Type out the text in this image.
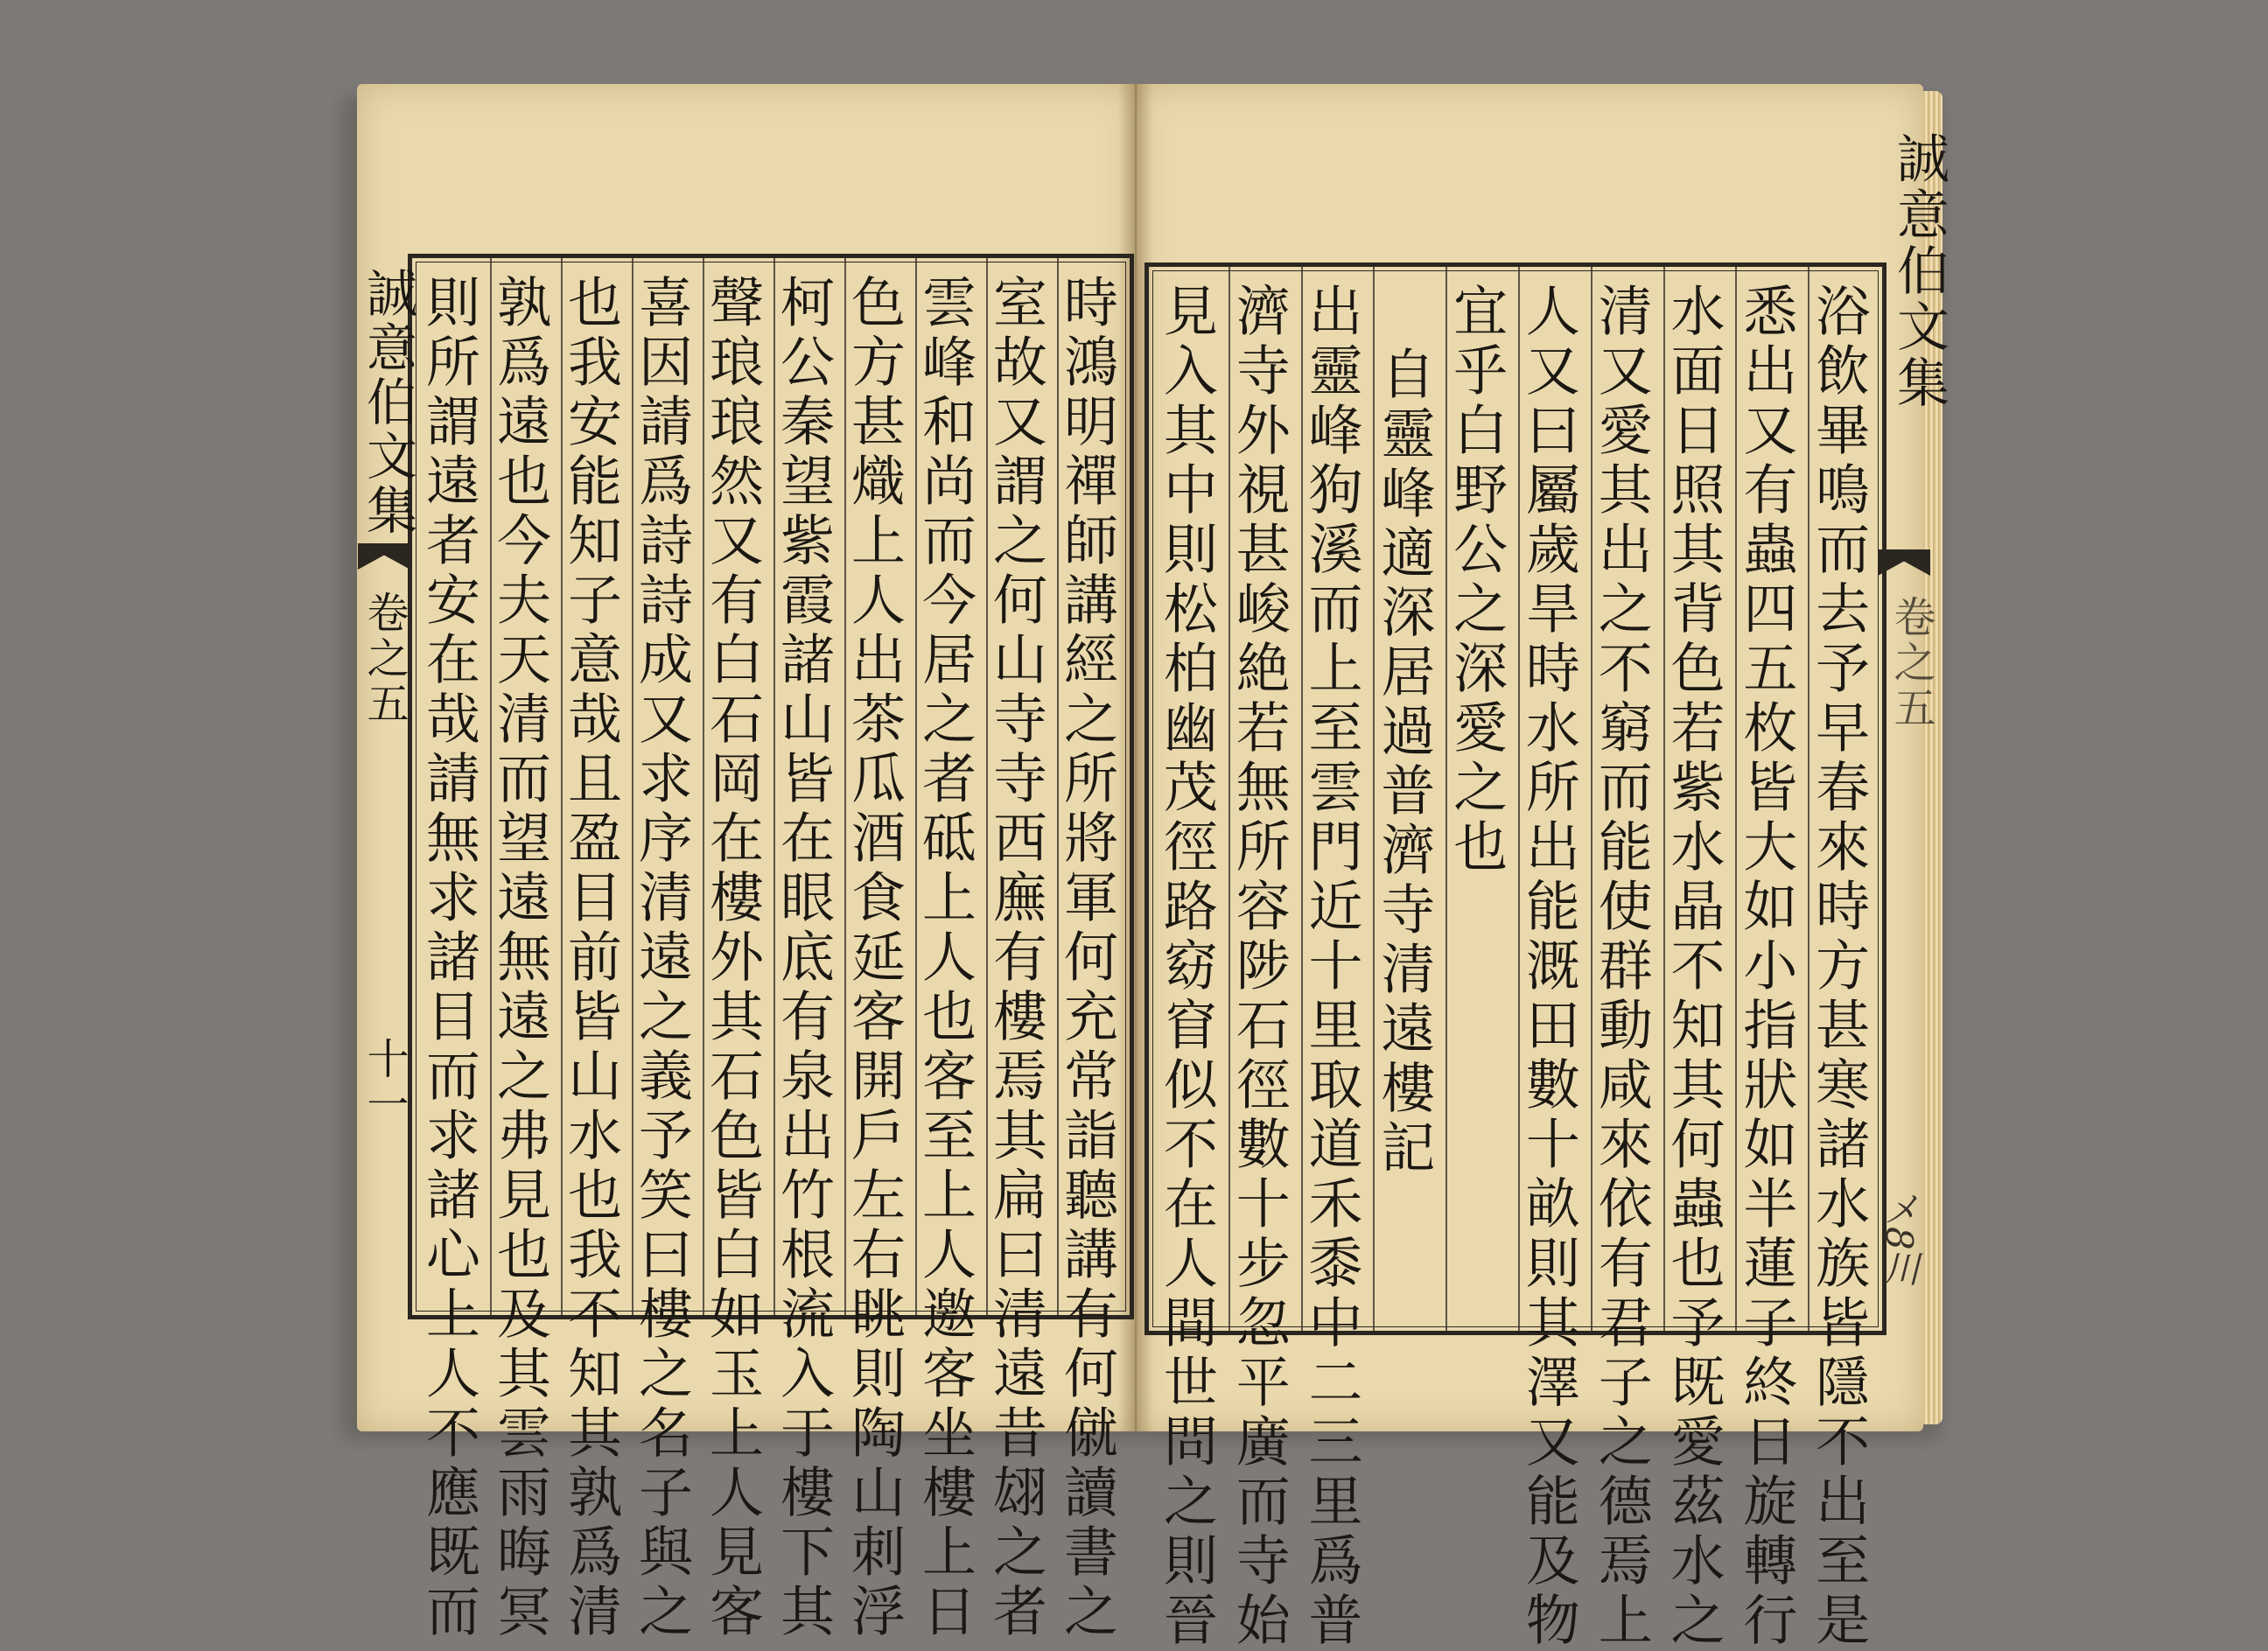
時鴻明禪師講經之所將軍何充常詣聽講有何僦讀書之
室故又謂之何山寺寺西廡有樓焉其扁曰清遠昔翃之者
雲峰和尚而今居之者砥上人也客至上人邀客坐樓上日
色方甚熾上人出茶瓜酒食延客開戶左右眺則陶山刺浮
柯公秦望紫霞諸山皆在眼底有泉出竹根流入于樓下其
聲琅琅然又有白石岡在樓外其石色皆白如玉上人見客
喜因請爲詩詩成又求序清遠之義予笑曰樓之名子與之
也我安能知子意哉且盈目前皆山水也我不知其孰爲清
孰爲遠也今夫天清而望遠無遠之弗見也及其雲雨晦冥
則所謂遠者安在哉請無求諸目而求諸心上人不應既而
誠意伯文集
卷之五
十一	浴飲畢鳴而去予早春來時方甚寒諸水族皆隱不出至是
悉出又有蟲四五枚皆大如小指狀如半蓮子終日旋轉行
水面日照其背色若紫水晶不知其何蟲也予既愛茲水之
清又愛其出之不窮而能使群動咸來依有君子之德焉上
人又曰屬歲旱時水所出能溉田數十畝則其澤又能及物
宜乎白野公之深愛之也
自靈峰適深居過普濟寺清遠樓記
出靈峰狗溪而上至雲門近十里取道禾黍中二三里爲普
濟寺外視甚峻絶若無所容陟石徑數十步忽平廣而寺始
見入其中則松柏幽茂徑路窈窅似不在人間世問之則晉
誠意伯文集
卷之五
メ8川
